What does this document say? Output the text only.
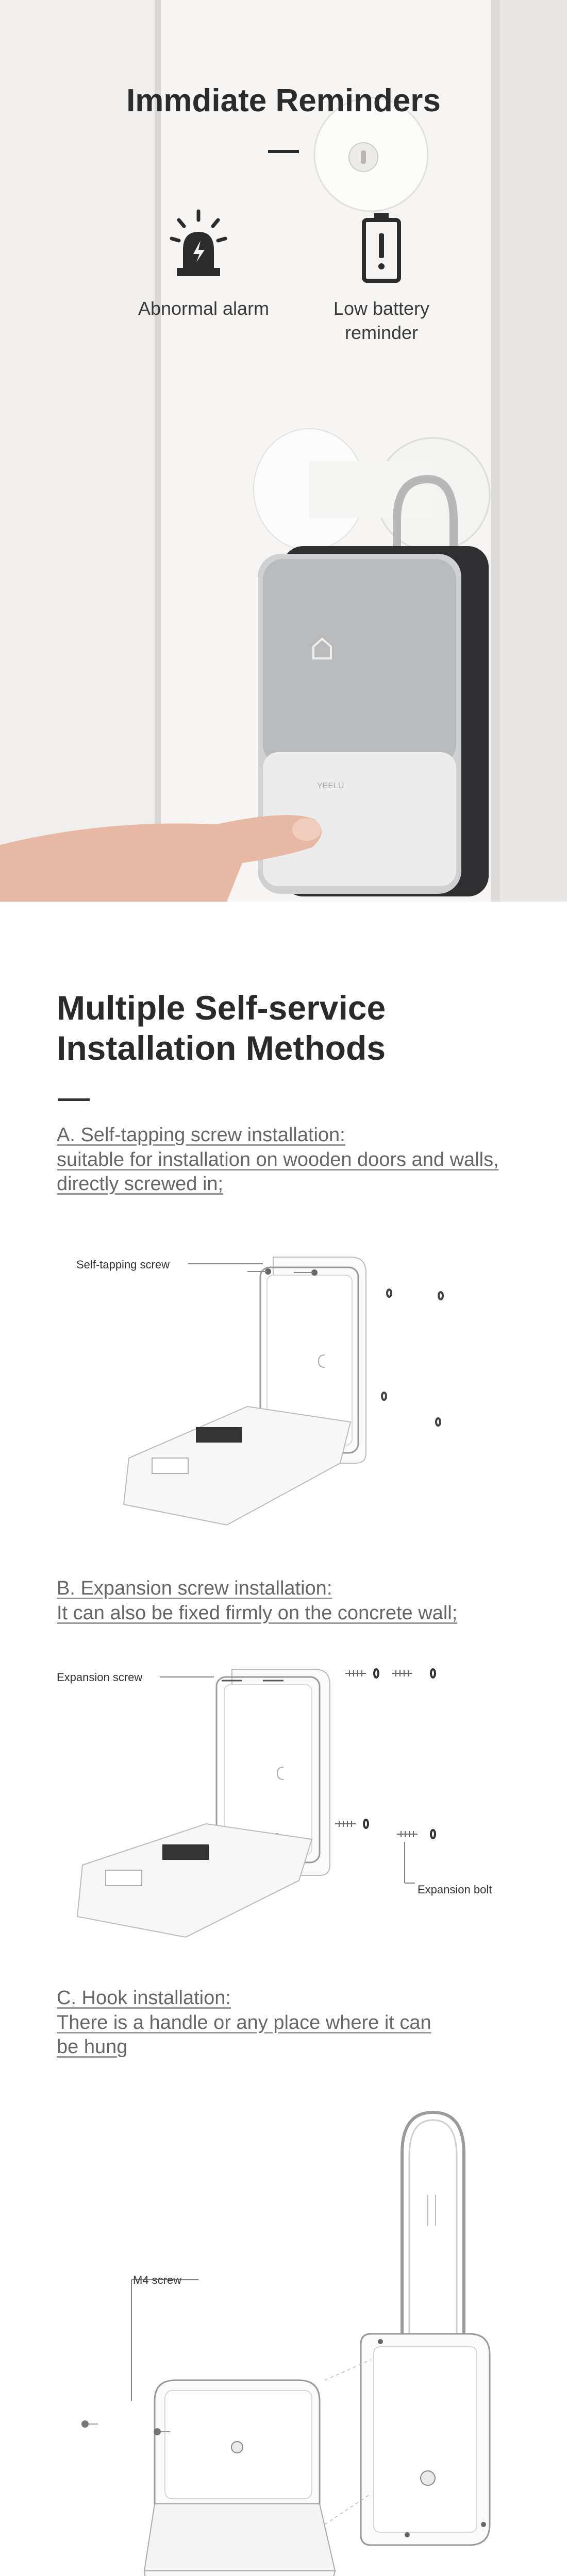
YEELU
Immdiate Reminders
Abnormal alarm	Low battery reminder
Multiple Self-service
Installation Methods
A. Self-tapping screw installation:
suitable for installation on wooden doors and walls, directly screwed in;
Self-tapping screw
B. Expansion screw installation:
It can also be fixed firmly on the concrete wall;
Expansion screw
Expansion bolt
C. Hook installation:
There is a handle or any place where it can be hung
M4 screw
